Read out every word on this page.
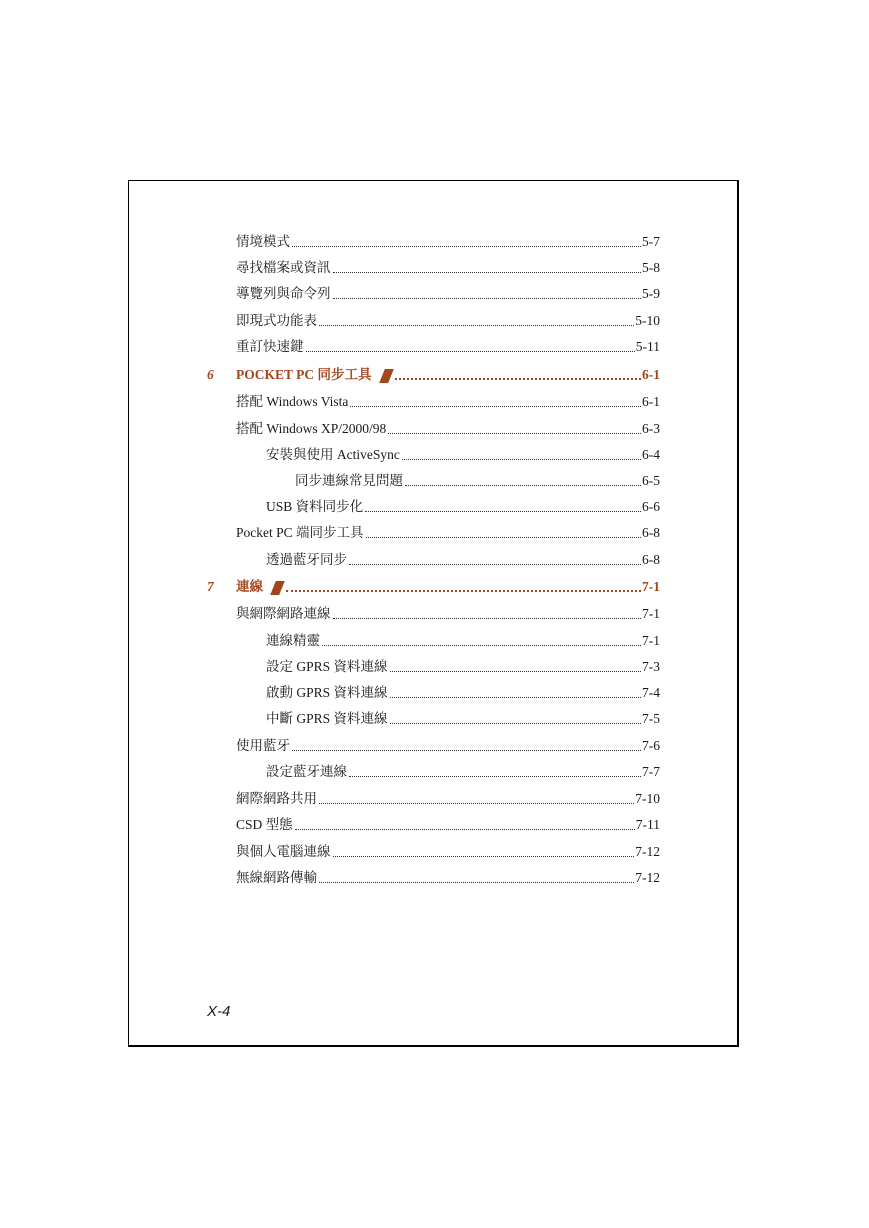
情境模式	5-7
尋找檔案或資訊	5-8
導覽列與命令列	5-9
即現式功能表	5-10
重訂快速鍵	5-11
6 POCKET PC 同步工具	6-1
搭配 Windows Vista	6-1
搭配 Windows XP/2000/98	6-3
安裝與使用 ActiveSync	6-4
同步連線常見問題	6-5
USB 資料同步化	6-6
Pocket PC 端同步工具	6-8
透過藍牙同步	6-8
7 連線	7-1
與網際網路連線	7-1
連線精靈	7-1
設定 GPRS 資料連線	7-3
啟動 GPRS 資料連線	7-4
中斷 GPRS 資料連線	7-5
使用藍牙	7-6
設定藍牙連線	7-7
網際網路共用	7-10
CSD 型態	7-11
與個人電腦連線	7-12
無線網路傳輸	7-12
X-4
